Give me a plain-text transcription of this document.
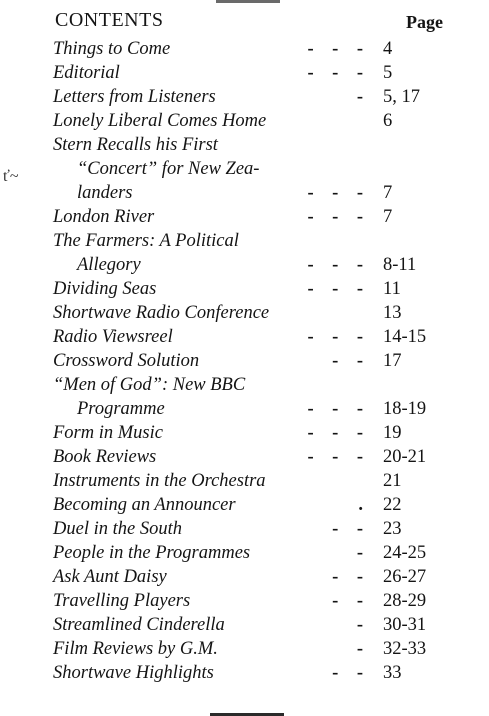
CONTENTS	Page
ť~
Things to Come	-    -    - 4
Editorial	-    -    - 5
Letters from Listeners	- 5, 17
Lonely Liberal Comes Home	6
Stern Recalls his First
“Concert” for New Zea-
landers	-    -    - 7
London River	-    -    - 7
The Farmers: A Political
Allegory	-    -    - 8-11
Dividing Seas	-    -    - 11
Shortwave Radio Conference	13
Radio Viewsreel	-    -    - 14-15
Crossword Solution	-    - 17
“Men of God”: New BBC
Programme	-    -    - 18-19
Form in Music	-    -    - 19
Book Reviews	-    -    - 20-21
Instruments in the Orchestra	21
Becoming an Announcer	. 22
Duel in the South	-    - 23
People in the Programmes	- 24-25
Ask Aunt Daisy	-    - 26-27
Travelling Players	-    - 28-29
Streamlined Cinderella	- 30-31
Film Reviews by G.M.	- 32-33
Shortwave Highlights	-    - 33
